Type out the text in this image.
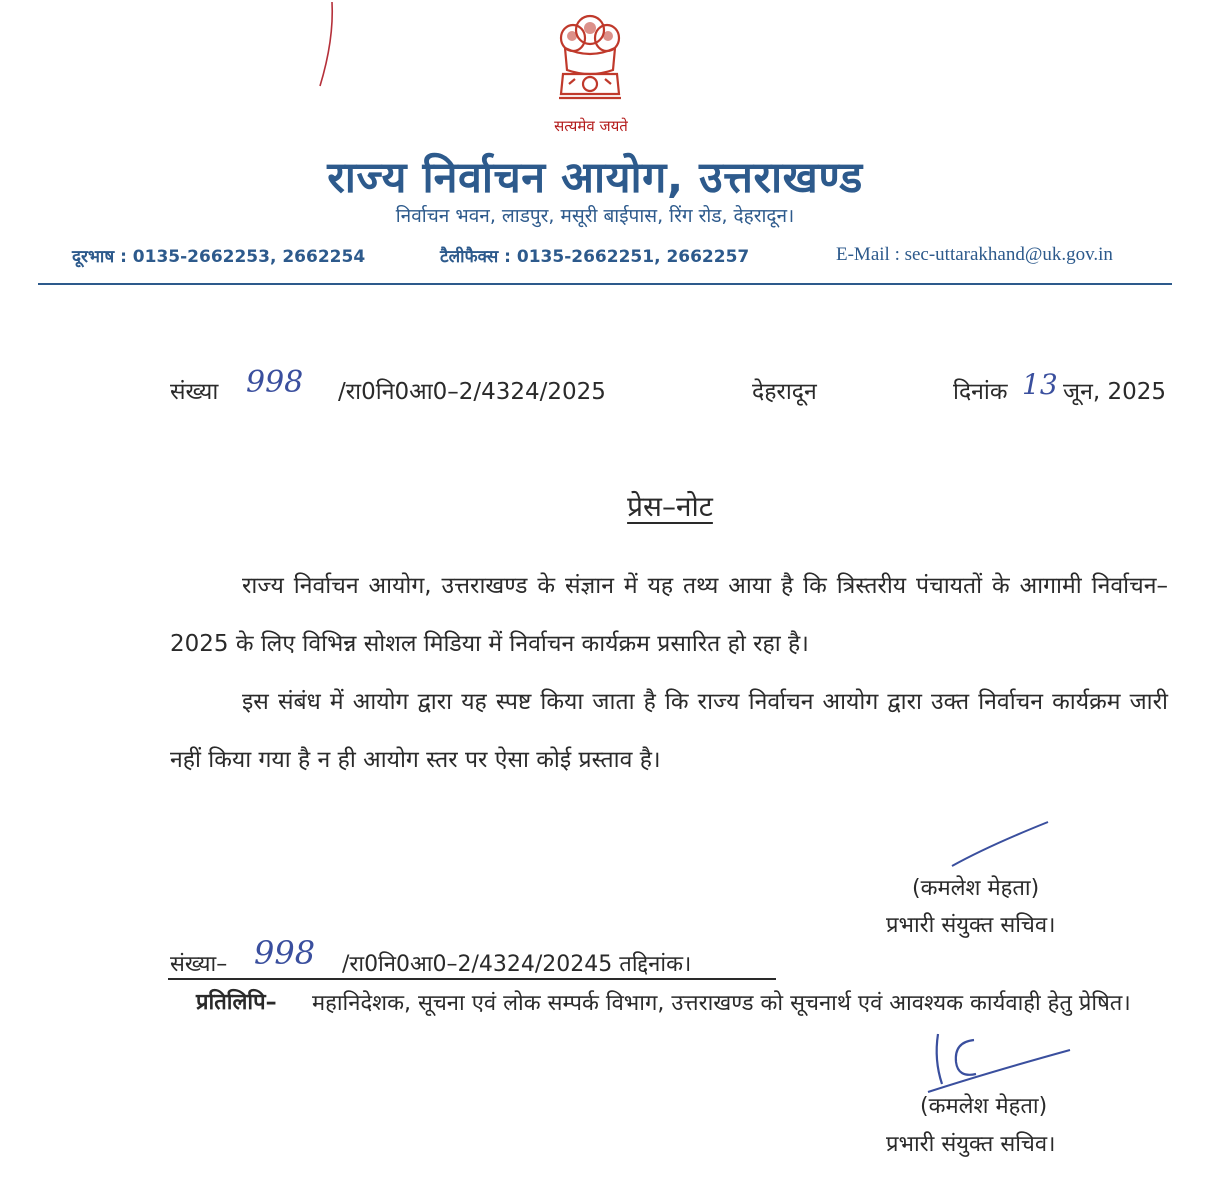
सत्यमेव जयते
राज्य निर्वाचन आयोग, उत्तराखण्ड
निर्वाचन भवन, लाडपुर, मसूरी बाईपास, रिंग रोड, देहरादून।
दूरभाष : 0135-2662253, 2662254	टैलीफैक्स : 0135-2662251, 2662257	E-Mail : sec-uttarakhand@uk.gov.in
संख्या 998 /रा0नि0आ0–2/4324/2025	देहरादून	दिनांक 13 जून, 2025
प्रेस–नोट
राज्य निर्वाचन आयोग, उत्तराखण्ड के संज्ञान में यह तथ्य आया है कि त्रिस्तरीय पंचायतों के आगामी निर्वाचन–2025 के लिए विभिन्न सोशल मिडिया में निर्वाचन कार्यक्रम प्रसारित हो रहा है।
इस संबंध में आयोग द्वारा यह स्पष्ट किया जाता है कि राज्य निर्वाचन आयोग द्वारा उक्त निर्वाचन कार्यक्रम जारी नहीं किया गया है न ही आयोग स्तर पर ऐसा कोई प्रस्ताव है।
(कमलेश मेहता)
प्रभारी संयुक्त सचिव।
संख्या– 998 /रा0नि0आ0–2/4324/20245 तद्दिनांक।
प्रतिलिपि– महानिदेशक, सूचना एवं लोक सम्पर्क विभाग, उत्तराखण्ड को सूचनार्थ एवं आवश्यक कार्यवाही हेतु प्रेषित।
(कमलेश मेहता)
प्रभारी संयुक्त सचिव।
